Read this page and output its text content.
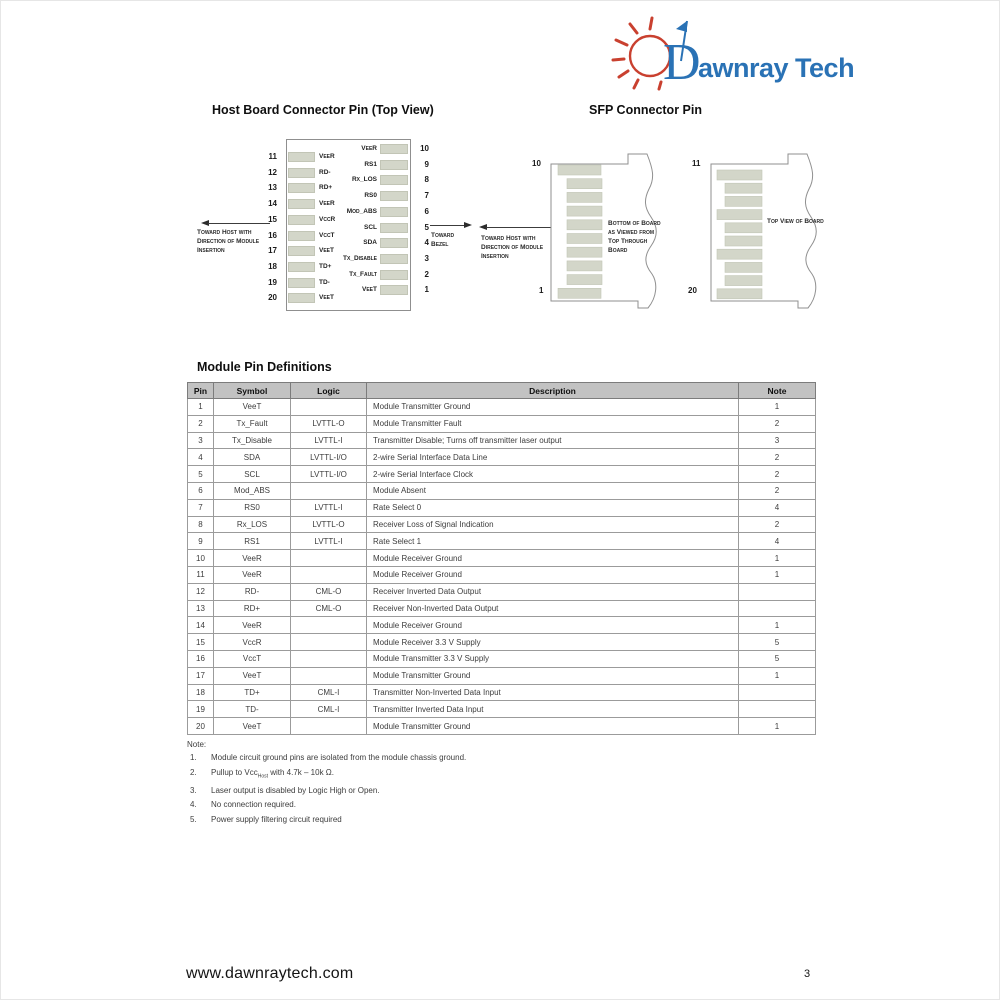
D
awnray Tech
Host Board Connector Pin (Top View)	SFP Connector Pin
11	VeeR
12	RD-
13	RD+
14	VeeR
15	VccR
16	VccT
17	VeeT
18	TD+
19	TD-
20	VeeT
VeeR	10
RS1	9
Rx_LOS	8
RS0	7
Mod_ABS	6
SCL	5
SDA	4
Tx_Disable	3
Tx_Fault	2
VeeT	1
Toward Host with Direction of Module Insertion
Toward Bezel
Toward Host with Direction of Module Insertion
10
1
Bottom of Board as Viewed from Top Through Board
11
20
Top View of Board
Module Pin Definitions
Pin	Symbol	Logic	Description	Note
1	VeeT		Module Transmitter Ground	1
2	Tx_Fault	LVTTL-O	Module Transmitter Fault	2
3	Tx_Disable	LVTTL-I	Transmitter Disable; Turns off transmitter laser output	3
4	SDA	LVTTL-I/O	2-wire Serial Interface Data Line	2
5	SCL	LVTTL-I/O	2-wire Serial Interface Clock	2
6	Mod_ABS		Module Absent	2
7	RS0	LVTTL-I	Rate Select 0	4
8	Rx_LOS	LVTTL-O	Receiver Loss of Signal Indication	2
9	RS1	LVTTL-I	Rate Select 1	4
10	VeeR		Module Receiver Ground	1
11	VeeR		Module Receiver Ground	1
12	RD-	CML-O	Receiver Inverted Data Output	
13	RD+	CML-O	Receiver Non-Inverted Data Output	
14	VeeR		Module Receiver Ground	1
15	VccR		Module Receiver 3.3 V Supply	5
16	VccT		Module Transmitter 3.3 V Supply	5
17	VeeT		Module Transmitter Ground	1
18	TD+	CML-I	Transmitter Non-Inverted Data Input	
19	TD-	CML-I	Transmitter Inverted Data Input	
20	VeeT		Module Transmitter Ground	1
Note:
1.	Module circuit ground pins are isolated from the module chassis ground.
2.	Pullup to Vcc$_{Host}$ with 4.7k – 10k Ω.
3.	Laser output is disabled by Logic High or Open.
4.	No connection required.
5.	Power supply filtering circuit required
www.dawnraytech.com	3
